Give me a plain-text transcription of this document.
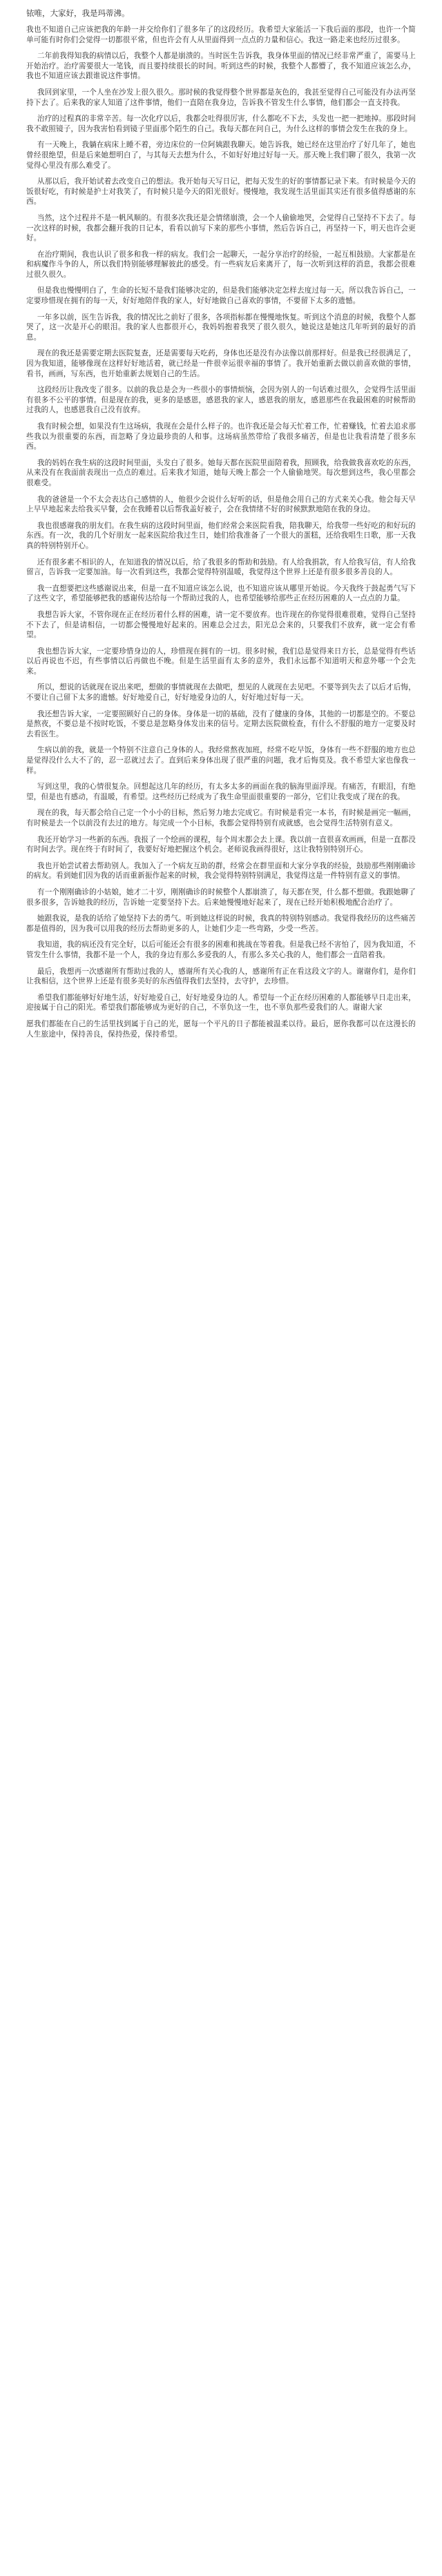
铱唯，大家好，我是玛蒂沸。

我也不知道自己应该把我的年龄一并交给你们了很多年了的这段经历。我希望大家能活一下我后面的那段，也许一个简单可能有时你们会觉得一切都很平常，但也许会有人从里面得到一点点的力量和信心。我这一路走来也经历过很多。

二年前我得知我的病情以后，我整个人都是崩溃的。当时医生告诉我，我身体里面的情况已经非常严重了，需要马上开始治疗。治疗需要很大一笔钱，而且要持续很长的时间。听到这些的时候，我整个人都懵了，我不知道应该怎么办，我也不知道应该去跟谁说这件事情。

我回到家里，一个人坐在沙发上很久很久。那时候的我觉得整个世界都是灰色的，我甚至觉得自己可能没有办法再坚持下去了。后来我的家人知道了这件事情，他们一直陪在我身边，告诉我不管发生什么事情，他们都会一直支持我。

治疗的过程真的非常辛苦。每一次化疗以后，我都会吐得很厉害，什么都吃不下去，头发也一把一把地掉。那段时间我不敢照镜子，因为我害怕看到镜子里面那个陌生的自己。我每天都在问自己，为什么这样的事情会发生在我的身上。

有一天晚上，我躺在病床上睡不着，旁边床位的一位阿姨跟我聊天。她告诉我，她已经在这里治疗了好几年了，她也曾经很绝望，但是后来她想明白了，与其每天去想为什么，不如好好地过好每一天。那天晚上我们聊了很久，我第一次觉得心里没有那么难受了。

从那以后，我开始试着去改变自己的想法。我开始每天写日记，把每天发生的好的事情都记录下来。有时候是今天的饭很好吃，有时候是护士对我笑了，有时候只是今天的阳光很好。慢慢地，我发现生活里面其实还有很多值得感谢的东西。

当然，这个过程并不是一帆风顺的。有很多次我还是会情绪崩溃，会一个人偷偷地哭，会觉得自己坚持不下去了。每一次这样的时候，我都会翻开我的日记本，看看以前写下来的那些小事情，然后告诉自己，再坚持一下，明天也许会更好。

在治疗期间，我也认识了很多和我一样的病友。我们会一起聊天，一起分享治疗的经验，一起互相鼓励。大家都是在和病魔作斗争的人，所以我们特别能够理解彼此的感受。有一些病友后来离开了，每一次听到这样的消息，我都会很难过很久很久。

但是我也慢慢明白了，生命的长短不是我们能够决定的，但是我们能够决定怎样去度过每一天。所以我告诉自己，一定要珍惜现在拥有的每一天，好好地陪伴我的家人，好好地做自己喜欢的事情，不要留下太多的遗憾。

一年多以前，医生告诉我，我的情况比之前好了很多，各项指标都在慢慢地恢复。听到这个消息的时候，我整个人都哭了，这一次是开心的眼泪。我的家人也都很开心，我妈妈抱着我哭了很久很久，她说这是她这几年听到的最好的消息。

现在的我还是需要定期去医院复查，还是需要每天吃药，身体也还是没有办法像以前那样好。但是我已经很满足了，因为我知道，能够像现在这样好好地活着，就已经是一件很幸运很幸福的事情了。我开始重新去做以前喜欢做的事情，看书，画画，写东西，也开始重新去规划自己的生活。

这段经历让我改变了很多。以前的我总是会为一些很小的事情烦恼，会因为别人的一句话难过很久，会觉得生活里面有很多不公平的事情。但是现在的我，更多的是感恩，感恩我的家人，感恩我的朋友，感恩那些在我最困难的时候帮助过我的人，也感恩我自己没有放弃。

我有时候会想，如果没有生这场病，我现在会是什么样子的。也许我还是会每天忙着工作，忙着赚钱，忙着去追求那些我以为很重要的东西，而忽略了身边最珍贵的人和事。这场病虽然带给了我很多痛苦，但是也让我看清楚了很多东西。

我的妈妈在我生病的这段时间里面，头发白了很多。她每天都在医院里面陪着我，照顾我，给我做我喜欢吃的东西，从来没有在我面前表现出一点点的难过。后来我才知道，她每天晚上都会一个人偷偷地哭。每次想到这些，我心里都会很难受。

我的爸爸是一个不太会表达自己感情的人，他很少会说什么好听的话，但是他会用自己的方式来关心我。他会每天早上早早地起来去给我买早餐，会在我睡着以后帮我盖好被子，会在我情绪不好的时候默默地陪在我的身边。

我也很感谢我的朋友们。在我生病的这段时间里面，他们经常会来医院看我，陪我聊天，给我带一些好吃的和好玩的东西。有一次，我的几个好朋友一起来医院给我过生日，她们给我准备了一个很大的蛋糕，还给我唱生日歌，那一天我真的特别特别开心。

还有很多素不相识的人，在知道我的情况以后，给了我很多的帮助和鼓励。有人给我捐款，有人给我写信，有人给我留言，告诉我一定要加油。每一次看到这些，我都会觉得特别温暖，我觉得这个世界上还是有很多很多善良的人。

我一直想要把这些感谢说出来，但是一直不知道应该怎么说，也不知道应该从哪里开始说。今天我终于鼓起勇气写下了这些文字，希望能够把我的感谢传达给每一个帮助过我的人，也希望能够给那些正在经历困难的人一点点的力量。

我想告诉大家，不管你现在正在经历着什么样的困难，请一定不要放弃。也许现在的你觉得很难很难，觉得自己坚持不下去了，但是请相信，一切都会慢慢地好起来的。困难总会过去，阳光总会来的，只要我们不放弃，就一定会有希望。

我也想告诉大家，一定要珍惜身边的人，珍惜现在拥有的一切。很多时候，我们总是觉得来日方长，总是觉得有些话以后再说也不迟，有些事情以后再做也不晚。但是生活里面有太多的意外，我们永远都不知道明天和意外哪一个会先来。

所以，想说的话就现在说出来吧，想做的事情就现在去做吧，想见的人就现在去见吧。不要等到失去了以后才后悔，不要让自己留下太多的遗憾。好好地爱自己，好好地爱身边的人，好好地过好每一天。

我还想告诉大家，一定要照顾好自己的身体。身体是一切的基础，没有了健康的身体，其他的一切都是空的。不要总是熬夜，不要总是不按时吃饭，不要总是忽略身体发出来的信号。定期去医院做检查，有什么不舒服的地方一定要及时去看医生。

生病以前的我，就是一个特别不注意自己身体的人。我经常熬夜加班，经常不吃早饭，身体有一些不舒服的地方也总是觉得没什么大不了的，忍一忍就过去了。直到后来身体出现了很严重的问题，我才后悔莫及。我不希望大家也像我一样。

写到这里，我的心情很复杂。回想起这几年的经历，有太多太多的画面在我的脑海里面浮现。有痛苦，有眼泪，有绝望，但是也有感动，有温暖，有希望。这些经历已经成为了我生命里面很重要的一部分，它们让我变成了现在的我。

现在的我，每天都会给自己定一个小小的目标，然后努力地去完成它。有时候是看完一本书，有时候是画完一幅画，有时候是去一个以前没有去过的地方。每完成一个小目标，我都会觉得特别有成就感，也会觉得生活特别有意义。

我还开始学习一些新的东西。我报了一个绘画的课程，每个周末都会去上课。我以前一直很喜欢画画，但是一直都没有时间去学。现在终于有时间了，我要好好地把握这个机会。老师说我画得很好，这让我特别特别开心。

我也开始尝试着去帮助别人。我加入了一个病友互助的群，经常会在群里面和大家分享我的经验，鼓励那些刚刚确诊的病友。看到她们因为我的话而重新振作起来的时候，我会觉得特别特别满足，我觉得这是一件特别有意义的事情。

有一个刚刚确诊的小姑娘，她才二十岁，刚刚确诊的时候整个人都崩溃了，每天都在哭，什么都不想做。我跟她聊了很多很多，告诉她我的经历，告诉她一定要坚持下去。后来她慢慢地好起来了，现在已经开始积极地配合治疗了。

她跟我说，是我的话给了她坚持下去的勇气。听到她这样说的时候，我真的特别特别感动。我觉得我经历的这些痛苦都是值得的，因为我可以用我的经历去帮助更多的人，让她们少走一些弯路，少受一些苦。

我知道，我的病还没有完全好，以后可能还会有很多的困难和挑战在等着我。但是我已经不害怕了，因为我知道，不管发生什么事情，我都不是一个人，我的身边有那么多爱我的人，有那么多关心我的人，他们都会一直陪着我。

最后，我想再一次感谢所有帮助过我的人，感谢所有关心我的人，感谢所有正在看这段文字的人。谢谢你们，是你们让我相信，这个世界上还是有很多美好的东西值得我们去坚持，去守护，去珍惜。

希望我们都能够好好地生活，好好地爱自己，好好地爱身边的人。希望每一个正在经历困难的人都能够早日走出来，迎接属于自己的阳光。希望我们都能够成为更好的自己，不辜负这一生，也不辜负那些爱我们的人。谢谢大家

愿我们都能在自己的生活里找到属于自己的光，愿每一个平凡的日子都能被温柔以待。最后，愿你我都可以在这漫长的人生旅途中，保持善良，保持热爱，保持希望。
